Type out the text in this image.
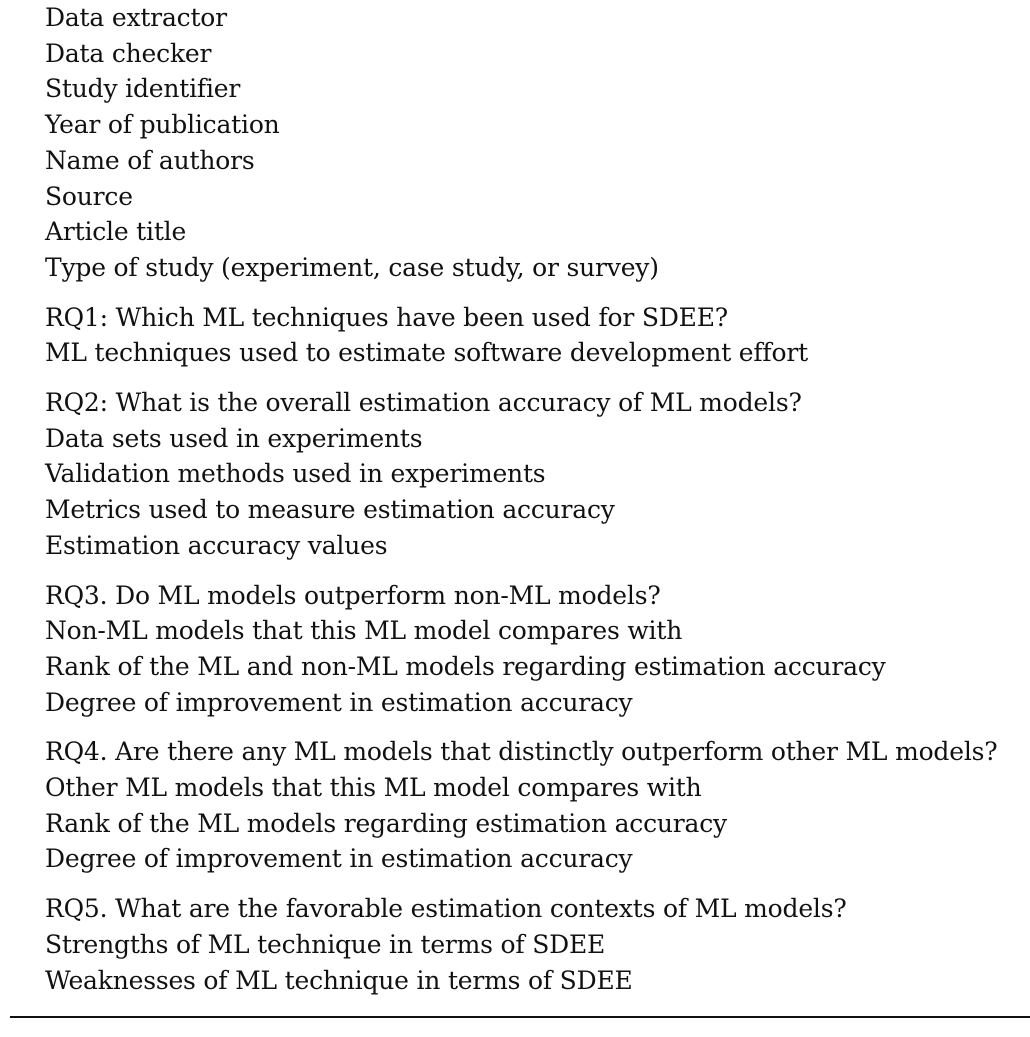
Data extractor
Data checker
Study identifier
Year of publication
Name of authors
Source
Article title
Type of study (experiment, case study, or survey)
RQ1: Which ML techniques have been used for SDEE?
ML techniques used to estimate software development effort
RQ2: What is the overall estimation accuracy of ML models?
Data sets used in experiments
Validation methods used in experiments
Metrics used to measure estimation accuracy
Estimation accuracy values
RQ3. Do ML models outperform non-ML models?
Non-ML models that this ML model compares with
Rank of the ML and non-ML models regarding estimation accuracy
Degree of improvement in estimation accuracy
RQ4. Are there any ML models that distinctly outperform other ML models?
Other ML models that this ML model compares with
Rank of the ML models regarding estimation accuracy
Degree of improvement in estimation accuracy
RQ5. What are the favorable estimation contexts of ML models?
Strengths of ML technique in terms of SDEE
Weaknesses of ML technique in terms of SDEE
